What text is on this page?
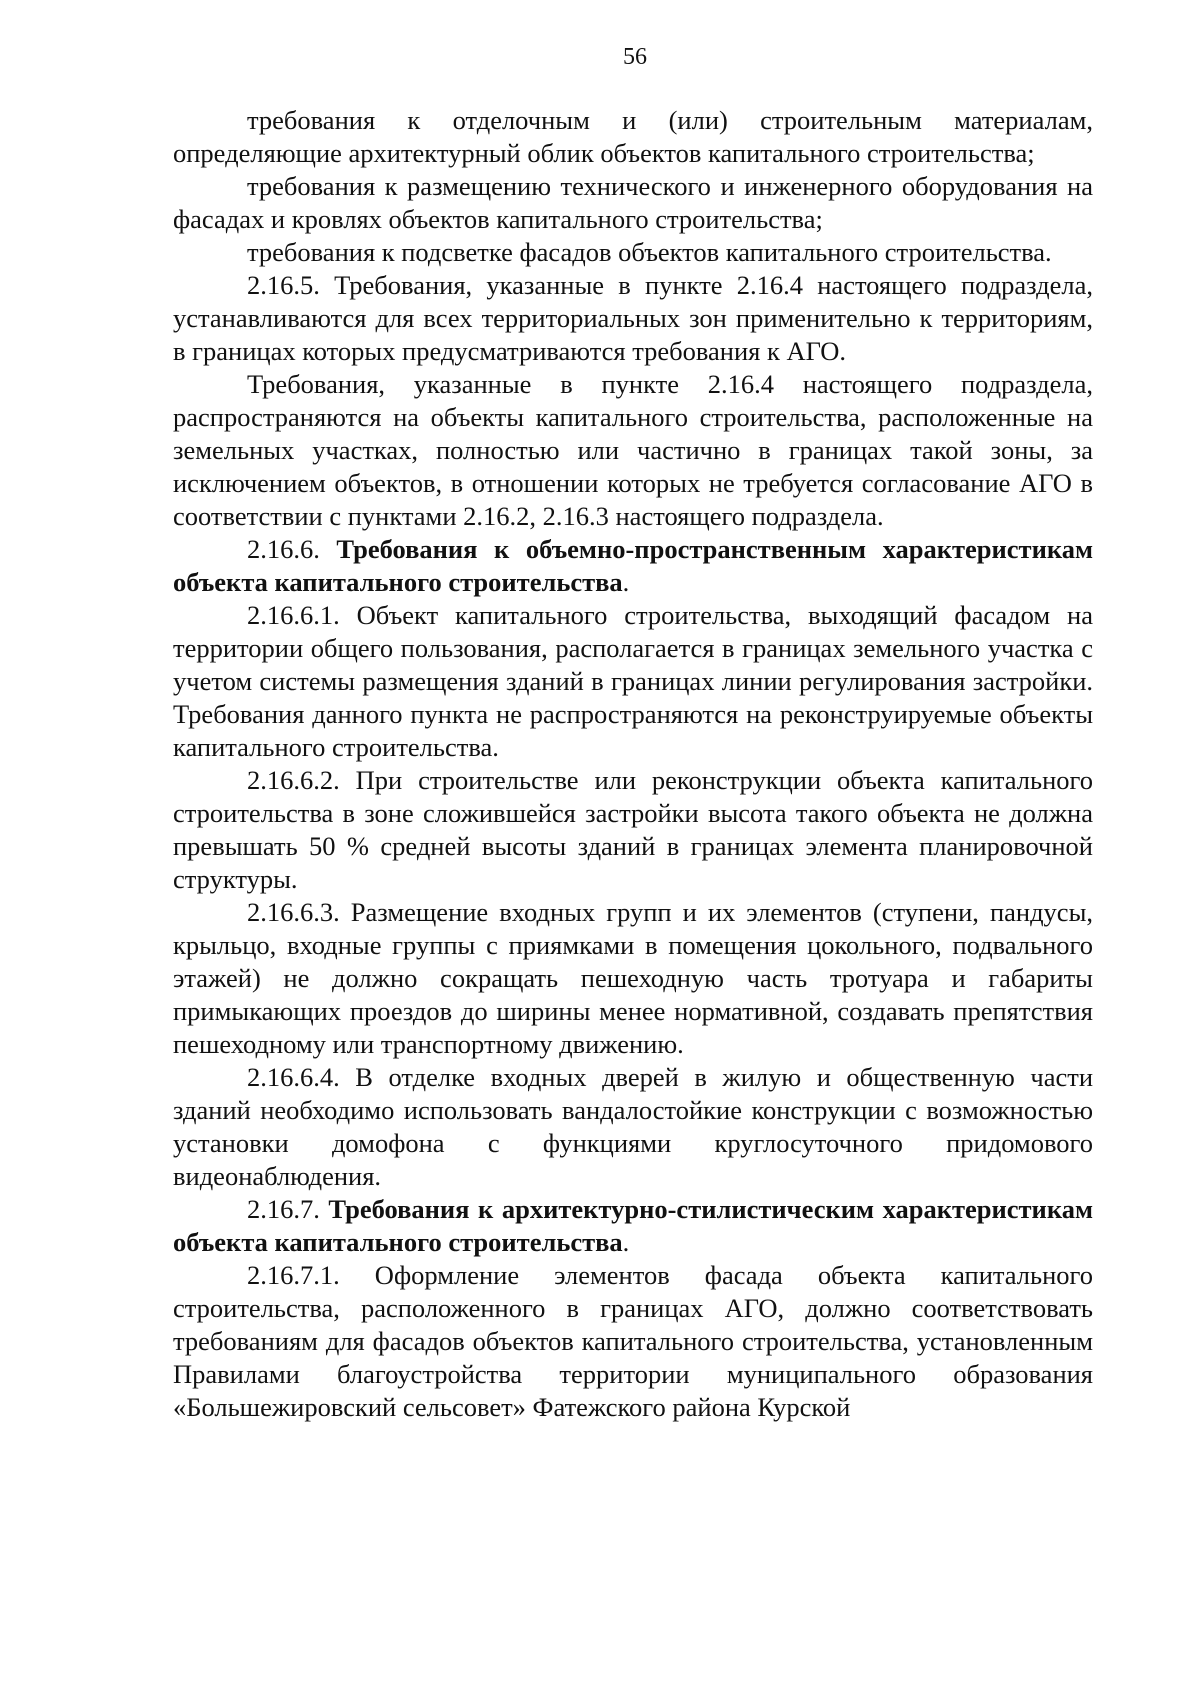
56

требования к отделочным и (или) строительным материалам, определяющие архитектурный облик объектов капитального строительства;

требования к размещению технического и инженерного оборудования на фасадах и кровлях объектов капитального строительства;

требования к подсветке фасадов объектов капитального строительства.

2.16.5. Требования, указанные в пункте 2.16.4 настоящего подраздела, устанавливаются для всех территориальных зон применительно к территориям, в границах которых предусматриваются требования к АГО.

Требования, указанные в пункте 2.16.4 настоящего подраздела, распространяются на объекты капитального строительства, расположенные на земельных участках, полностью или частично в границах такой зоны, за исключением объектов, в отношении которых не требуется согласование АГО в соответствии с пунктами 2.16.2, 2.16.3 настоящего подраздела.

2.16.6. Требования к объемно-пространственным характеристикам объекта капитального строительства.

2.16.6.1. Объект капитального строительства, выходящий фасадом на территории общего пользования, располагается в границах земельного участка с учетом системы размещения зданий в границах линии регулирования застройки. Требования данного пункта не распространяются на реконструируемые объекты капитального строительства.

2.16.6.2. При строительстве или реконструкции объекта капитального строительства в зоне сложившейся застройки высота такого объекта не должна превышать 50 % средней высоты зданий в границах элемента планировочной структуры.

2.16.6.3. Размещение входных групп и их элементов (ступени, пандусы, крыльцо, входные группы с приямками в помещения цокольного, подвального этажей) не должно сокращать пешеходную часть тротуара и габариты примыкающих проездов до ширины менее нормативной, создавать препятствия пешеходному или транспортному движению.

2.16.6.4. В отделке входных дверей в жилую и общественную части зданий необходимо использовать вандалостойкие конструкции с возможностью установки домофона с функциями круглосуточного придомового видеонаблюдения.

2.16.7. Требования к архитектурно-стилистическим характеристикам объекта капитального строительства.

2.16.7.1. Оформление элементов фасада объекта капитального строительства, расположенного в границах АГО, должно соответствовать требованиям для фасадов объектов капитального строительства, установленным Правилами благоустройства территории муниципального образования «Большежировский сельсовет» Фатежского района Курской
